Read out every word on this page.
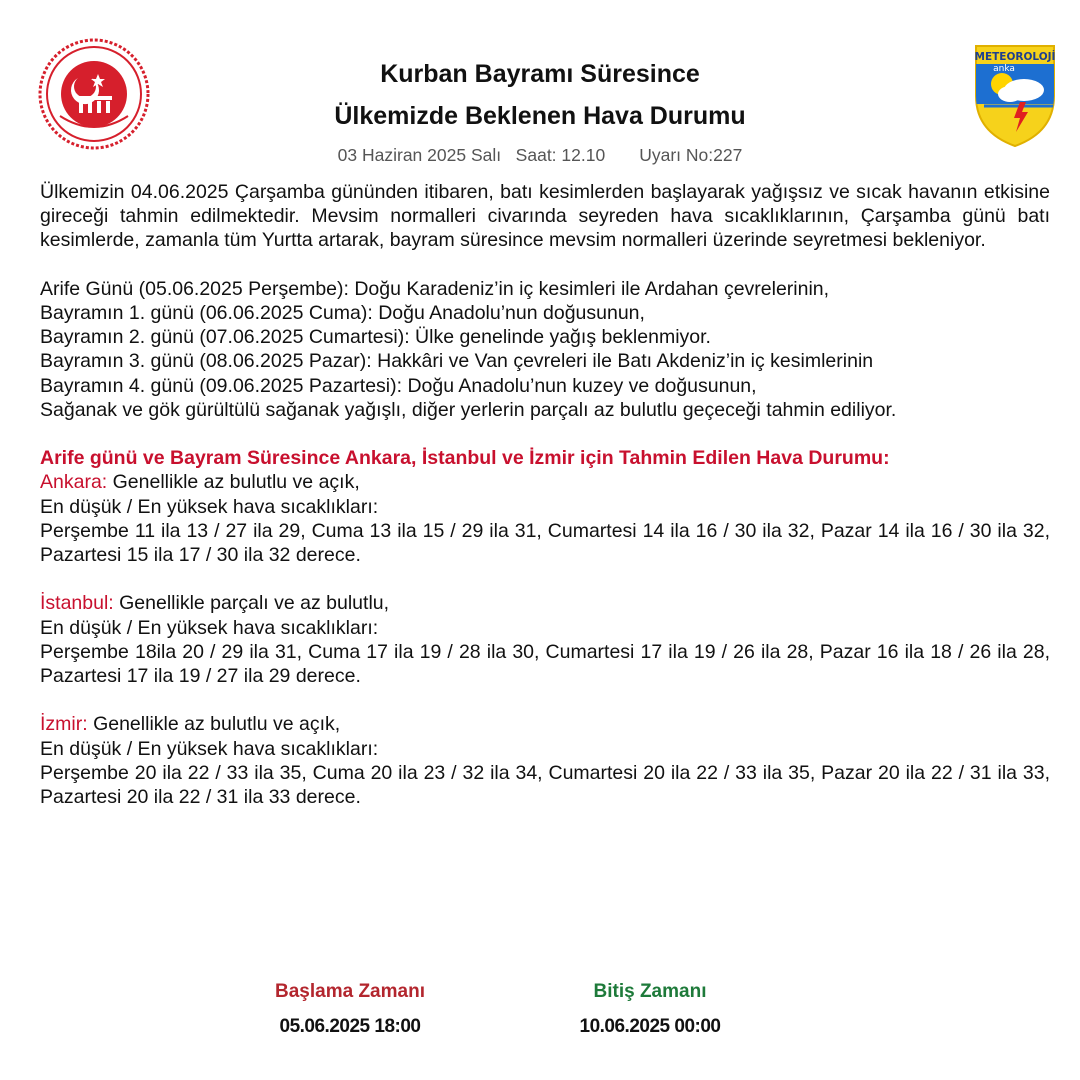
METEOROLOJİ
anka
Kurban Bayramı Süresince
Ülkemizde Beklenen Hava Durumu
03 Haziran 2025 Salı   Saat: 12.10       Uyarı No:227
Ülkemizin 04.06.2025 Çarşamba gününden itibaren, batı kesimlerden başlayarak yağışsız ve sıcak havanın etkisine gireceği tahmin edilmektedir. Mevsim normalleri civarında seyreden hava sıcaklıklarının, Çarşamba günü batı kesimlerde, zamanla tüm Yurtta artarak, bayram süresince mevsim normalleri üzerinde seyretmesi bekleniyor.
Arife Günü (05.06.2025 Perşembe): Doğu Karadeniz’in iç kesimleri ile Ardahan çevrelerinin,
Bayramın 1. günü (06.06.2025 Cuma): Doğu Anadolu’nun doğusunun,
Bayramın 2. günü (07.06.2025 Cumartesi): Ülke genelinde yağış beklenmiyor.
Bayramın 3. günü (08.06.2025 Pazar): Hakkâri ve Van çevreleri ile Batı Akdeniz’in iç kesimlerinin
Bayramın 4. günü (09.06.2025 Pazartesi): Doğu Anadolu’nun kuzey ve doğusunun,
Sağanak ve gök gürültülü sağanak yağışlı, diğer yerlerin parçalı az bulutlu geçeceği tahmin ediliyor.
Arife günü ve Bayram Süresince Ankara, İstanbul ve İzmir için Tahmin Edilen Hava Durumu:
Ankara: Genellikle az bulutlu ve açık,
En düşük / En yüksek hava sıcaklıkları:
Perşembe 11 ila 13 / 27 ila 29, Cuma 13 ila 15 / 29 ila 31, Cumartesi 14 ila 16 / 30 ila 32, Pazar 14 ila 16 / 30 ila 32, Pazartesi 15 ila 17 / 30 ila 32 derece.
İstanbul: Genellikle parçalı ve az bulutlu,
En düşük / En yüksek hava sıcaklıkları:
Perşembe 18ila 20 / 29 ila 31, Cuma 17 ila 19 / 28 ila 30, Cumartesi 17 ila 19 / 26 ila 28, Pazar 16 ila 18 / 26 ila 28, Pazartesi 17 ila 19 / 27 ila 29 derece.
İzmir: Genellikle az bulutlu ve açık,
En düşük / En yüksek hava sıcaklıkları:
Perşembe 20 ila 22 / 33 ila 35, Cuma 20 ila 23 / 32 ila 34, Cumartesi 20 ila 22 / 33 ila 35, Pazar 20 ila 22 / 31 ila 33, Pazartesi 20 ila 22 / 31 ila 33 derece.
Başlama Zamanı
05.06.2025 18:00
Bitiş Zamanı
10.06.2025 00:00
